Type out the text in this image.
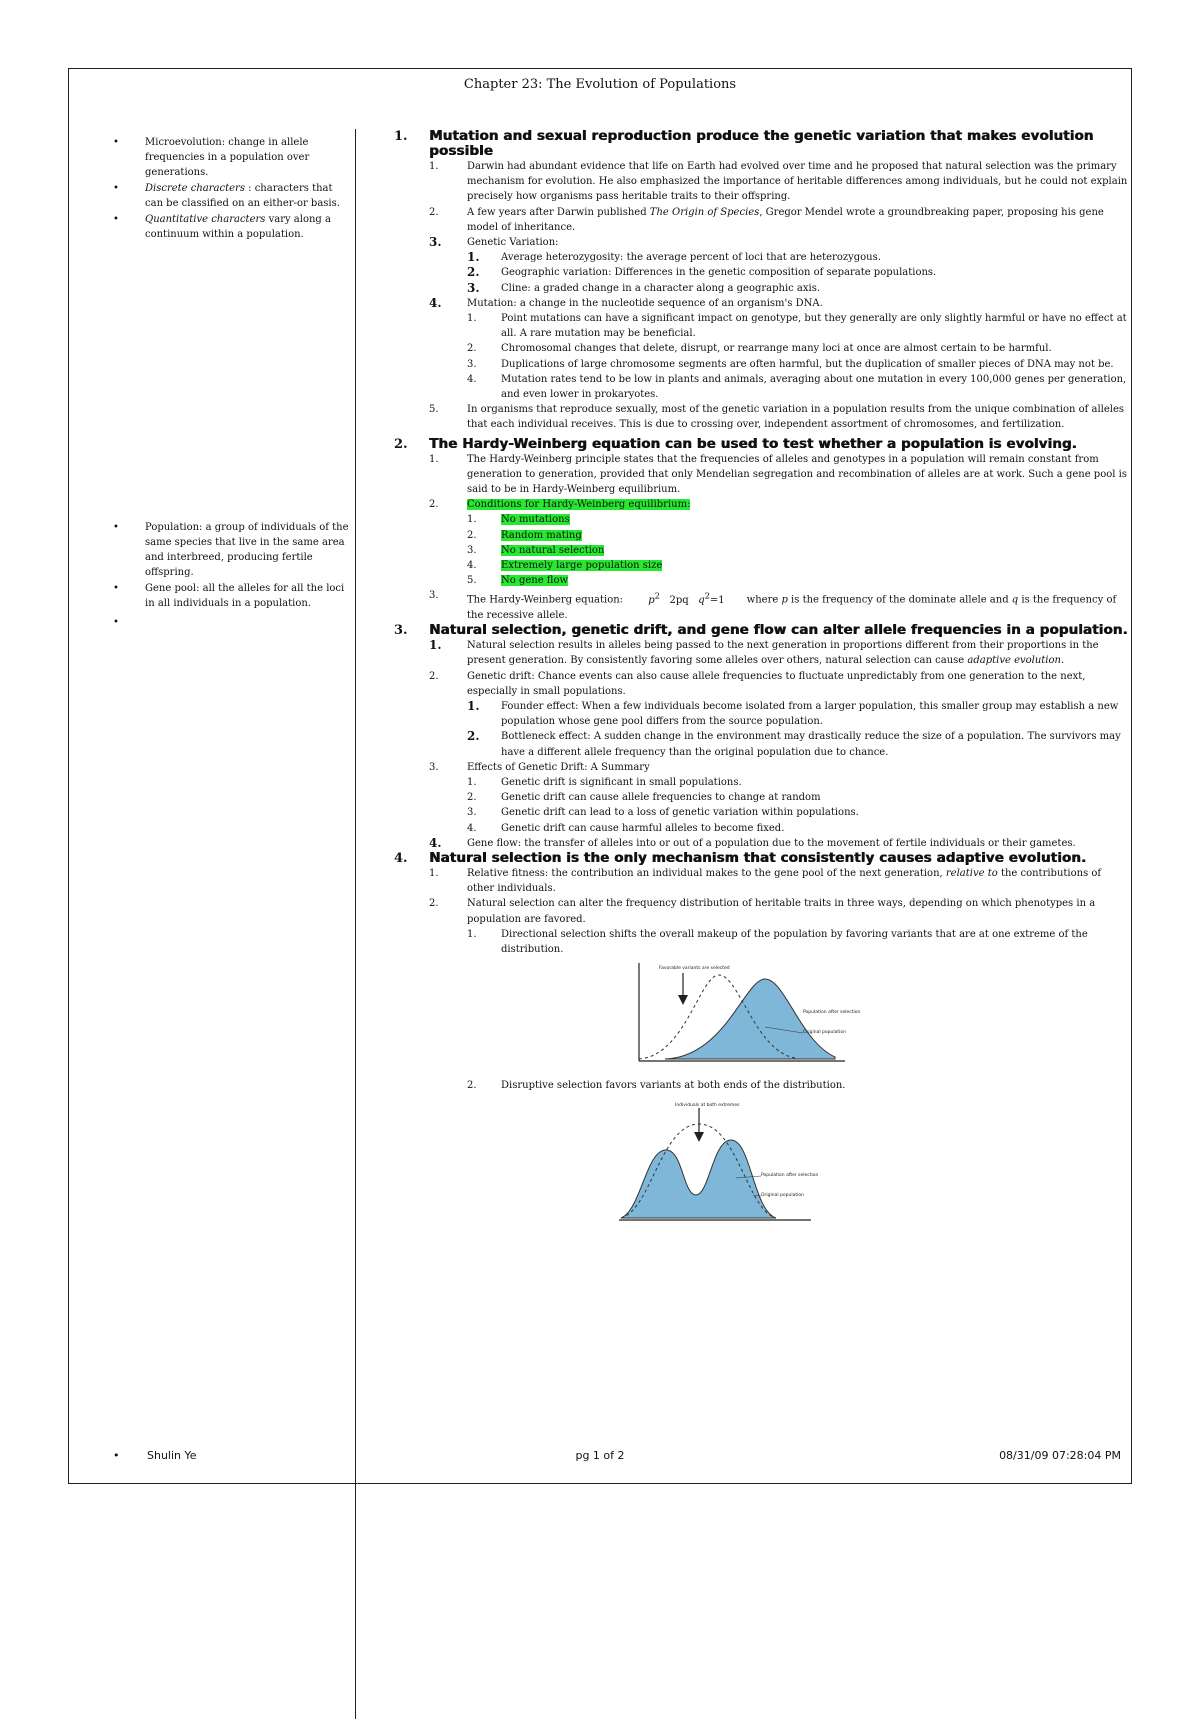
Chapter 23: The Evolution of Populations
• Microevolution: change in allele frequencies in a population over generations.
• Discrete characters : characters that can be classified on an either-or basis.
• Quantitative characters vary along a continuum within a population.
• Population: a group of individuals of the same species that live in the same area and interbreed, producing fertile offspring.
• Gene pool: all the alleles for all the loci in all individuals in a population.
1. Mutation and sexual reproduction produce the genetic variation that makes evolution possible
1.	Darwin had abundant evidence that life on Earth had evolved over time and he proposed that natural selection was the primary mechanism for evolution. He also emphasized the importance of heritable differences among individuals, but he could not explain precisely how organisms pass heritable traits to their offspring.
2.	A few years after Darwin published The Origin of Species, Gregor Mendel wrote a groundbreaking paper, proposing his gene model of inheritance.
3.	Genetic Variation:
1. Average heterozygosity: the average percent of loci that are heterozygous.
2. Geographic variation: Differences in the genetic composition of separate populations.
3. Cline: a graded change in a character along a geographic axis.
4.	Mutation: a change in the nucleotide sequence of an organism's DNA.
1. Point mutations can have a significant impact on genotype, but they generally are only slightly harmful or have no effect at all. A rare mutation may be beneficial.
2. Chromosomal changes that delete, disrupt, or rearrange many loci at once are almost certain to be harmful.
3. Duplications of large chromosome segments are often harmful, but the duplication of smaller pieces of DNA may not be.
4. Mutation rates tend to be low in plants and animals, averaging about one mutation in every 100,000 genes per generation, and even lower in prokaryotes.
5.	In organisms that reproduce sexually, most of the genetic variation in a population results from the unique combination of alleles that each individual receives. This is due to crossing over, independent assortment of chromosomes, and fertilization.
2. The Hardy-Weinberg equation can be used to test whether a population is evolving.
1.	The Hardy-Weinberg principle states that the frequencies of alleles and genotypes in a population will remain constant from generation to generation, provided that only Mendelian segregation and recombination of alleles are at work. Such a gene pool is said to be in Hardy-Weinberg equilibrium.
2.	Conditions for Hardy-Weinberg equilibrium:
1. No mutations
2. Random mating
3. No natural selection
4. Extremely large population size
5. No gene flow
3.	The Hardy-Weinberg equation:	$p^2$ 2pq $q^2=1$ where p is the frequency of the dominate allele and q is the frequency of the recessive allele.
3. Natural selection, genetic drift, and gene flow can alter allele frequencies in a population.
1.	Natural selection results in alleles being passed to the next generation in proportions different from their proportions in the present generation. By consistently favoring some alleles over others, natural selection can cause adaptive evolution.
2.	Genetic drift: Chance events can also cause allele frequencies to fluctuate unpredictably from one generation to the next, especially in small populations.
1. Founder effect: When a few individuals become isolated from a larger population, this smaller group may establish a new population whose gene pool differs from the source population.
2. Bottleneck effect: A sudden change in the environment may drastically reduce the size of a population. The survivors may have a different allele frequency than the original population due to chance.
3.	Effects of Genetic Drift: A Summary
1. Genetic drift is significant in small populations.
2. Genetic drift can cause allele frequencies to change at random
3. Genetic drift can lead to a loss of genetic variation within populations.
4. Genetic drift can cause harmful alleles to become fixed.
4.	Gene flow: the transfer of alleles into or out of a population due to the movement of fertile individuals or their gametes.
4. Natural selection is the only mechanism that consistently causes adaptive evolution.
1.	Relative fitness: the contribution an individual makes to the gene pool of the next generation, relative to the contributions of other individuals.
2.	Natural selection can alter the frequency distribution of heritable traits in three ways, depending on which phenotypes in a population are favored.
1. Directional selection shifts the overall makeup of the population by favoring variants that are at one extreme of the distribution.
Favorable variants are selected
Population after selection
Original population
2. Disruptive selection favors variants at both ends of the distribution.
Individuals at both extremes
Population after selection
Original population
•	Shulin Ye	pg 1 of 2	08/31/09 07:28:04 PM
